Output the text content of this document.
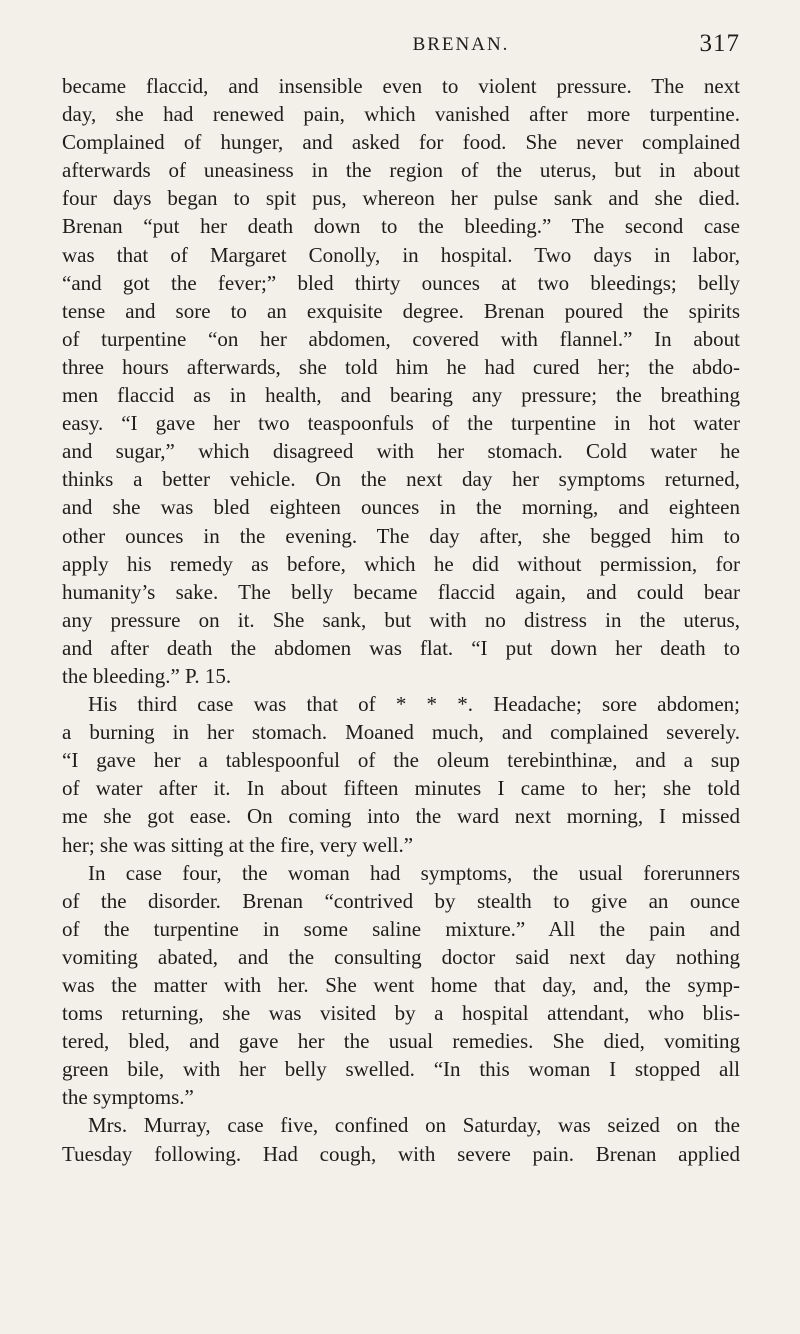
BRENAN.	317
became flaccid, and insensible even to violent pressure. The next
day, she had renewed pain, which vanished after more turpentine.
Complained of hunger, and asked for food. She never complained
afterwards of uneasiness in the region of the uterus, but in about
four days began to spit pus, whereon her pulse sank and she died.
Brenan “put her death down to the bleeding.” The second case
was that of Margaret Conolly, in hospital. Two days in labor,
“and got the fever;” bled thirty ounces at two bleedings; belly
tense and sore to an exquisite degree. Brenan poured the spirits
of turpentine “on her abdomen, covered with flannel.” In about
three hours afterwards, she told him he had cured her; the abdo-
men flaccid as in health, and bearing any pressure; the breathing
easy. “I gave her two teaspoonfuls of the turpentine in hot water
and sugar,” which disagreed with her stomach. Cold water he
thinks a better vehicle. On the next day her symptoms returned,
and she was bled eighteen ounces in the morning, and eighteen
other ounces in the evening. The day after, she begged him to
apply his remedy as before, which he did without permission, for
humanity’s sake. The belly became flaccid again, and could bear
any pressure on it. She sank, but with no distress in the uterus,
and after death the abdomen was flat. “I put down her death to
the bleeding.” P. 15.
His third case was that of * * *. Headache; sore abdomen;
a burning in her stomach. Moaned much, and complained severely.
“I gave her a tablespoonful of the oleum terebinthinæ, and a sup
of water after it. In about fifteen minutes I came to her; she told
me she got ease. On coming into the ward next morning, I missed
her; she was sitting at the fire, very well.”
In case four, the woman had symptoms, the usual forerunners
of the disorder. Brenan “contrived by stealth to give an ounce
of the turpentine in some saline mixture.” All the pain and
vomiting abated, and the consulting doctor said next day nothing
was the matter with her. She went home that day, and, the symp-
toms returning, she was visited by a hospital attendant, who blis-
tered, bled, and gave her the usual remedies. She died, vomiting
green bile, with her belly swelled. “In this woman I stopped all
the symptoms.”
Mrs. Murray, case five, confined on Saturday, was seized on the
Tuesday following. Had cough, with severe pain. Brenan applied
